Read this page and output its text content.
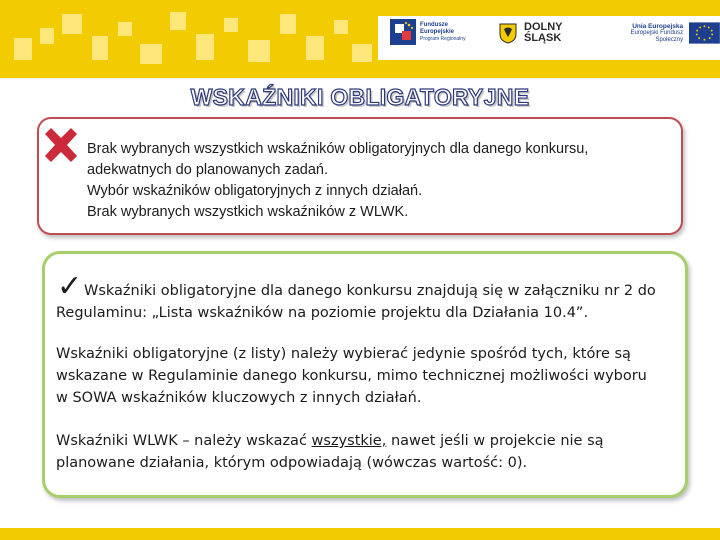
Fundusze
Europejskie
Program Regionalny
DOLNY
ŚLĄSK
Unia Europejska
Europejski Fundusz Społeczny
WSKAŹNIKI OBLIGATORYJNE
Brak wybranych wszystkich wskaźników obligatoryjnych dla danego konkursu,
adekwatnych do planowanych zadań.
Wybór wskaźników obligatoryjnych z innych działań.
Brak wybranych wszystkich wskaźników z WLWK.
✓ Wskaźniki obligatoryjne dla danego konkursu znajdują się w załączniku nr 2 do
Regulaminu: „Lista wskaźników na poziomie projektu dla Działania 10.4”.
Wskaźniki obligatoryjne (z listy) należy wybierać jedynie spośród tych, które są
wskazane w Regulaminie danego konkursu, mimo technicznej możliwości wyboru
w SOWA wskaźników kluczowych z innych działań.
Wskaźniki WLWK – należy wskazać wszystkie, nawet jeśli w projekcie nie są
planowane działania, którym odpowiadają (wówczas wartość: 0).
